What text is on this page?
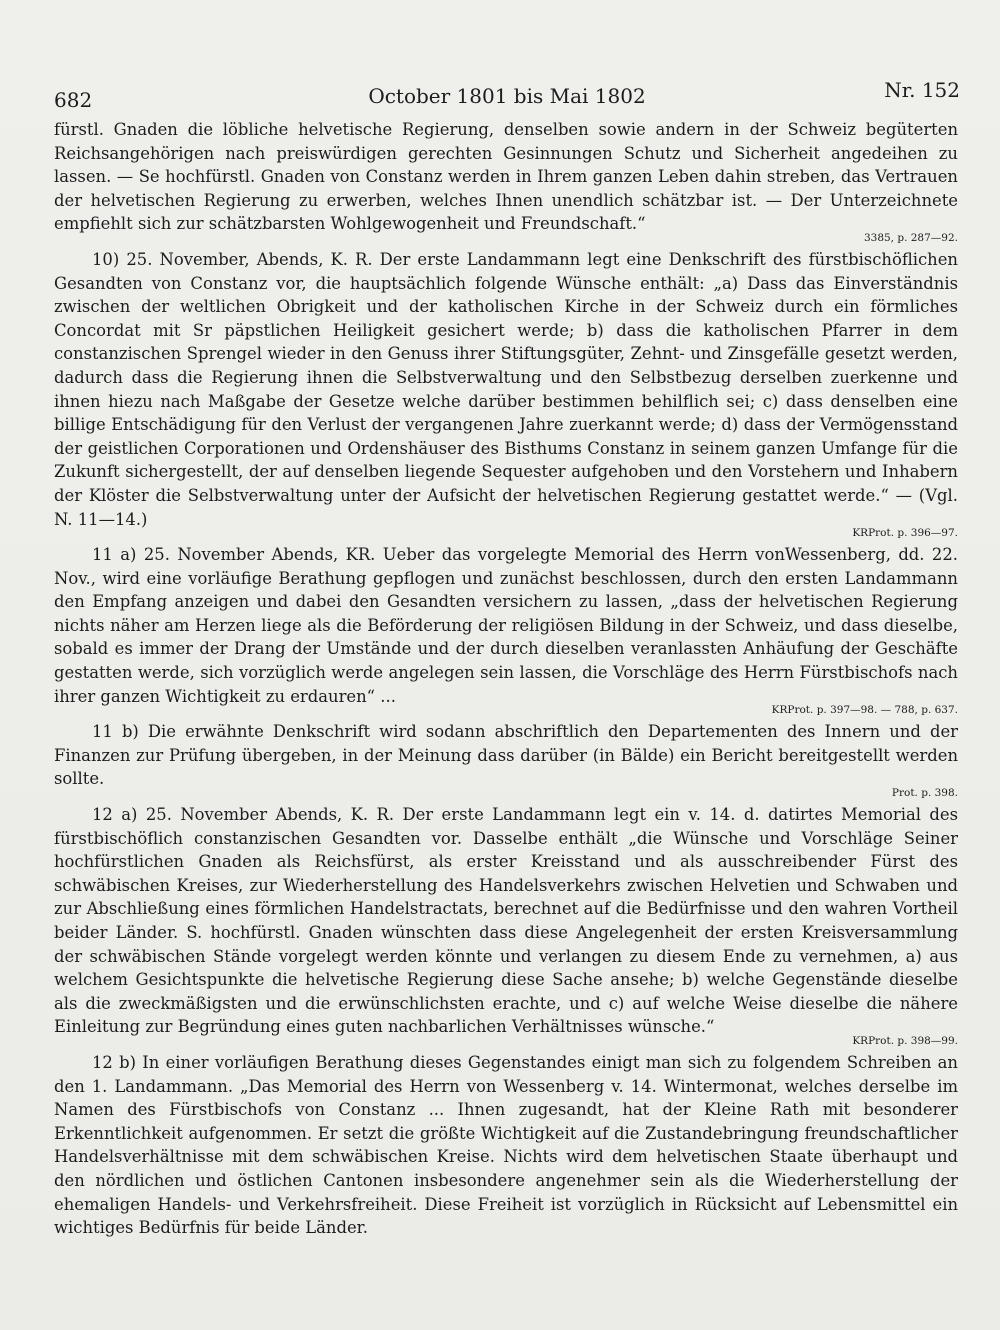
682	October 1801 bis Mai 1802	Nr. 152

fürstl. Gnaden die löbliche helvetische Regierung, denselben sowie andern in der Schweiz begüterten Reichsangehörigen nach preiswürdigen gerechten Gesinnungen Schutz und Sicherheit angedeihen zu lassen. — Se hochfürstl. Gnaden von Constanz werden in Ihrem ganzen Leben dahin streben, das Vertrauen der helvetischen Regierung zu erwerben, welches Ihnen unendlich schätzbar ist. — Der Unterzeichnete empfiehlt sich zur schätzbarsten Wohlgewogenheit und Freundschaft.“
3385, p. 287—92.

10) 25. November, Abends, K. R. Der erste Landammann legt eine Denkschrift des fürstbischöflichen Gesandten von Constanz vor, die hauptsächlich folgende Wünsche enthält: „a) Dass das Einverständnis zwischen der weltlichen Obrigkeit und der katholischen Kirche in der Schweiz durch ein förmliches Concordat mit Sr päpstlichen Heiligkeit gesichert werde; b) dass die katholischen Pfarrer in dem constanzischen Sprengel wieder in den Genuss ihrer Stiftungsgüter, Zehnt- und Zinsgefälle gesetzt werden, dadurch dass die Regierung ihnen die Selbstverwaltung und den Selbstbezug derselben zuerkenne und ihnen hiezu nach Maßgabe der Gesetze welche darüber bestimmen behilflich sei; c) dass denselben eine billige Entschädigung für den Verlust der vergangenen Jahre zuerkannt werde; d) dass der Vermögensstand der geistlichen Corporationen und Ordenshäuser des Bisthums Constanz in seinem ganzen Umfange für die Zukunft sichergestellt, der auf denselben liegende Sequester aufgehoben und den Vorstehern und Inhabern der Klöster die Selbstverwaltung unter der Aufsicht der helvetischen Regierung gestattet werde.“ — (Vgl. N. 11—14.)
KRProt. p. 396—97.

11 a) 25. November Abends, KR. Ueber das vorgelegte Memorial des Herrn vonWessenberg, dd. 22. Nov., wird eine vorläufige Berathung gepflogen und zunächst beschlossen, durch den ersten Landammann den Empfang anzeigen und dabei den Gesandten versichern zu lassen, „dass der helvetischen Regierung nichts näher am Herzen liege als die Beförderung der religiösen Bildung in der Schweiz, und dass dieselbe, sobald es immer der Drang der Umstände und der durch dieselben veranlassten Anhäufung der Geschäfte gestatten werde, sich vorzüglich werde angelegen sein lassen, die Vorschläge des Herrn Fürstbischofs nach ihrer ganzen Wichtigkeit zu erdauren“ ...
KRProt. p. 397—98. — 788, p. 637.

11 b) Die erwähnte Denkschrift wird sodann abschriftlich den Departementen des Innern und der Finanzen zur Prüfung übergeben, in der Meinung dass darüber (in Bälde) ein Bericht bereitgestellt werden sollte.
Prot. p. 398.

12 a) 25. November Abends, K. R. Der erste Landammann legt ein v. 14. d. datirtes Memorial des fürstbischöflich constanzischen Gesandten vor. Dasselbe enthält „die Wünsche und Vorschläge Seiner hochfürstlichen Gnaden als Reichsfürst, als erster Kreisstand und als ausschreibender Fürst des schwäbischen Kreises, zur Wiederherstellung des Handelsverkehrs zwischen Helvetien und Schwaben und zur Abschließung eines förmlichen Handelstractats, berechnet auf die Bedürfnisse und den wahren Vortheil beider Länder. S. hochfürstl. Gnaden wünschten dass diese Angelegenheit der ersten Kreisversammlung der schwäbischen Stände vorgelegt werden könnte und verlangen zu diesem Ende zu vernehmen, a) aus welchem Gesichtspunkte die helvetische Regierung diese Sache ansehe; b) welche Gegenstände dieselbe als die zweckmäßigsten und die erwünschlichsten erachte, und c) auf welche Weise dieselbe die nähere Einleitung zur Begründung eines guten nachbarlichen Verhältnisses wünsche.“
KRProt. p. 398—99.

12 b) In einer vorläufigen Berathung dieses Gegenstandes einigt man sich zu folgendem Schreiben an den 1. Landammann. „Das Memorial des Herrn von Wessenberg v. 14. Wintermonat, welches derselbe im Namen des Fürstbischofs von Constanz ... Ihnen zugesandt, hat der Kleine Rath mit besonderer Erkenntlichkeit aufgenommen. Er setzt die größte Wichtigkeit auf die Zustandebringung freundschaftlicher Handelsverhältnisse mit dem schwäbischen Kreise. Nichts wird dem helvetischen Staate überhaupt und den nördlichen und östlichen Cantonen insbesondere angenehmer sein als die Wiederherstellung der ehemaligen Handels- und Verkehrsfreiheit. Diese Freiheit ist vorzüglich in Rücksicht auf Lebensmittel ein wichtiges Bedürfnis für beide Länder.
